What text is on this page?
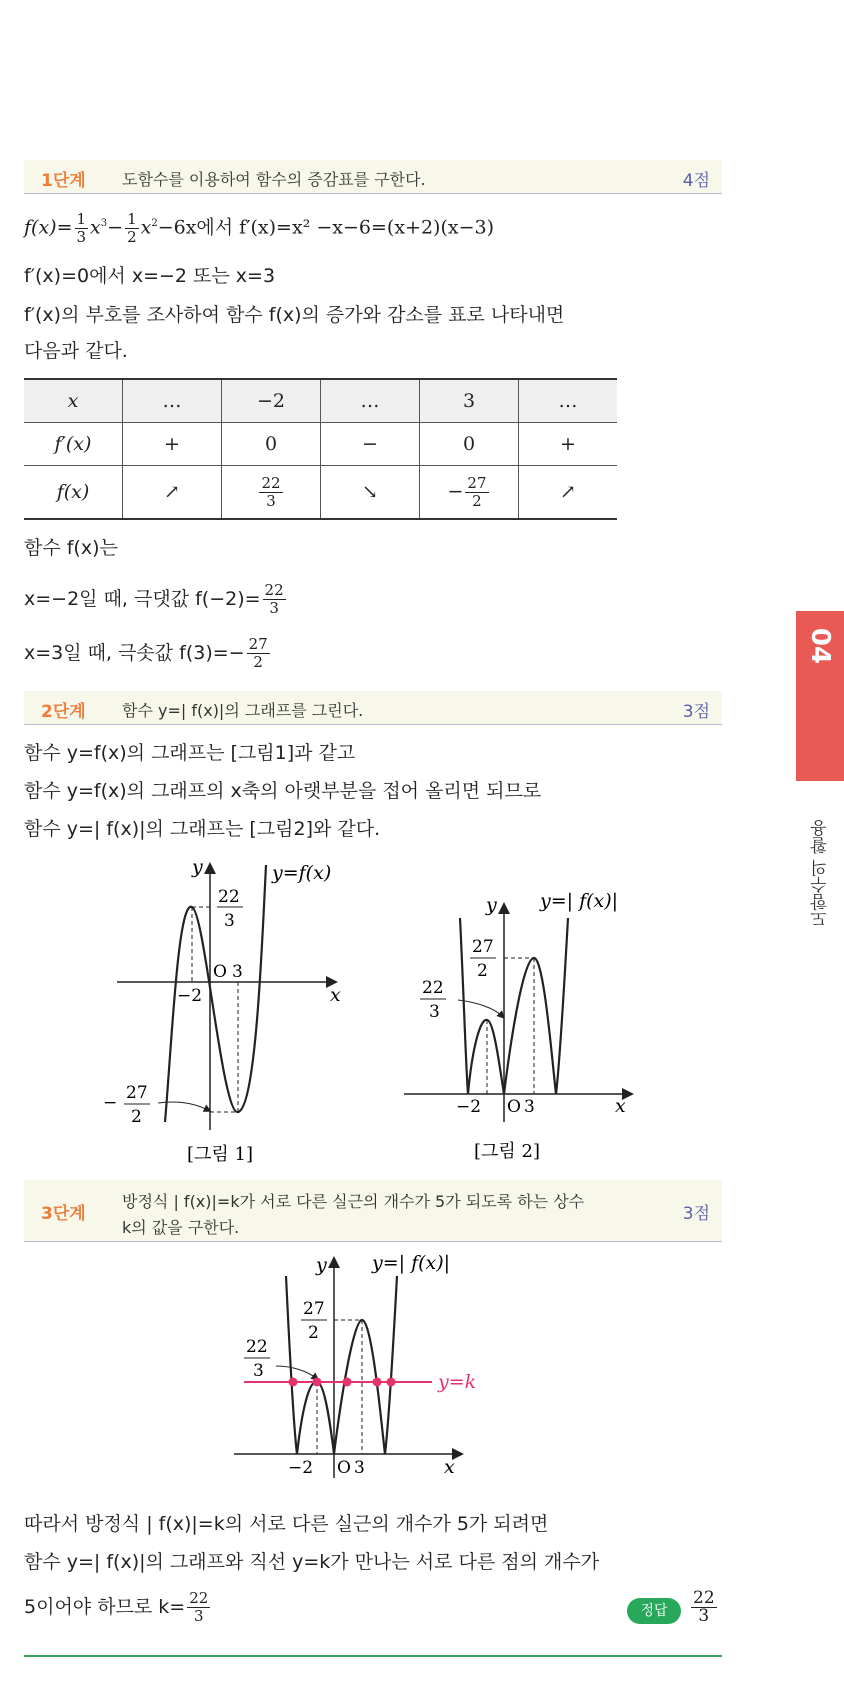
1단계 도함수를 이용하여 함수의 증감표를 구한다.	4점
$f(x)= \frac{1}{3} x^3- \frac{1}{2} x^2-6x$에서 f′(x)=x² −x−6=(x+2)(x−3)
f′(x)=0에서 x=−2 또는 x=3
f′(x)의 부호를 조사하여 함수 f(x)의 증가와 감소를 표로 나타내면
다음과 같다.
x	…	−2	…	3	…
f′(x)	+	0	−	0	+
f(x)	↗	$\frac{22}{3}$	↘	− $\frac{27}{2}$	↗
함수 f(x)는
x=−2일 때, 극댓값 $f(-2)= \frac{22}{3}$
x=3일 때, 극솟값 $f(3)=- \frac{27}{2}$
2단계 함수 y=| f(x)|의 그래프를 그린다.	3점
함수 y=f(x)의 그래프는 [그림1]과 같고
함수 y=f(x)의 그래프의 x축의 아랫부분을 접어 올리면 되므로
함수 y=| f(x)|의 그래프는 [그림2]와 같다.
3단계
방정식 | f(x)|=k가 서로 다른 실근의 개수가 5가 되도록 하는 상수
k의 값을 구한다.
3점
따라서 방정식 | f(x)|=k의 서로 다른 실근의 개수가 5가 되려면
함수 y=| f(x)|의 그래프와 직선 y=k가 만나는 서로 다른 점의 개수가
5이어야 하므로 $k= \frac{22}{3}$	정답	$\frac{22}{3}$
04
도함수의 활용
y
x
y=f(x)
22
3
−2
O 3
− 27
2
[그림 1]
y
x
y=| f(x)|
27
2
22
3
−2 O 3
[그림 2]
y
x
y=| f(x)|
27
2
22
3	y=k
−2 O 3
